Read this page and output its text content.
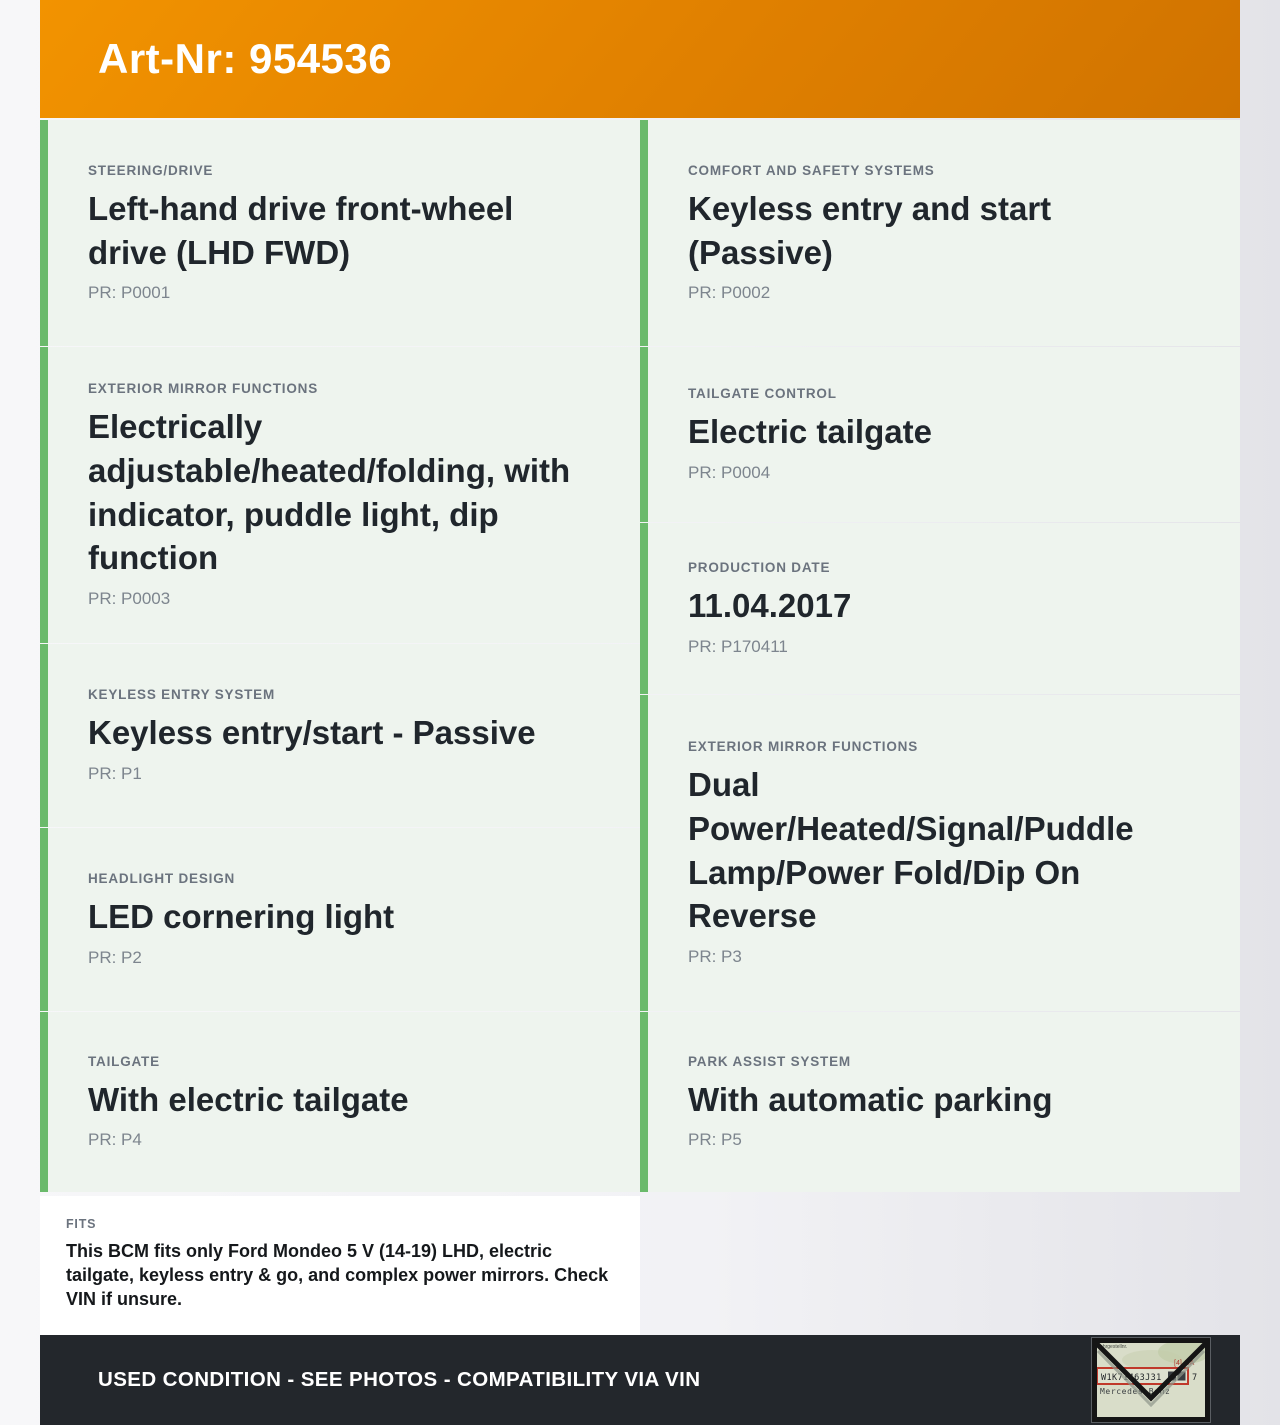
Art-Nr: 954536
STEERING/DRIVE
Left-hand drive front-wheel drive (LHD FWD)
PR: P0001
EXTERIOR MIRROR FUNCTIONS
Electrically adjustable/heated/folding, with indicator, puddle light, dip function
PR: P0003
KEYLESS ENTRY SYSTEM
Keyless entry/start - Passive
PR: P1
HEADLIGHT DESIGN
LED cornering light
PR: P2
TAILGATE
With electric tailgate
PR: P4
FITS

This BCM fits only Ford Mondeo 5 V (14-19) LHD, electric tailgate, keyless entry & go, and complex power mirrors. Check VIN if unsure.

COMFORT AND SAFETY SYSTEMS
Keyless entry and start (Passive)
PR: P0002
TAILGATE CONTROL
Electric tailgate
PR: P0004
PRODUCTION DATE
11.04.2017
PR: P170411
EXTERIOR MIRROR FUNCTIONS
Dual Power/Heated/Signal/Puddle Lamp/Power Fold/Dip On Reverse
PR: P3
PARK ASSIST SYSTEM
With automatic parking
PR: P5
USED CONDITION - SEE PHOTOS - COMPATIBILITY VIA VIN
Fahrgestellnr.
[4] AiA
W1K71463J31	7
Mercedes-Benz
